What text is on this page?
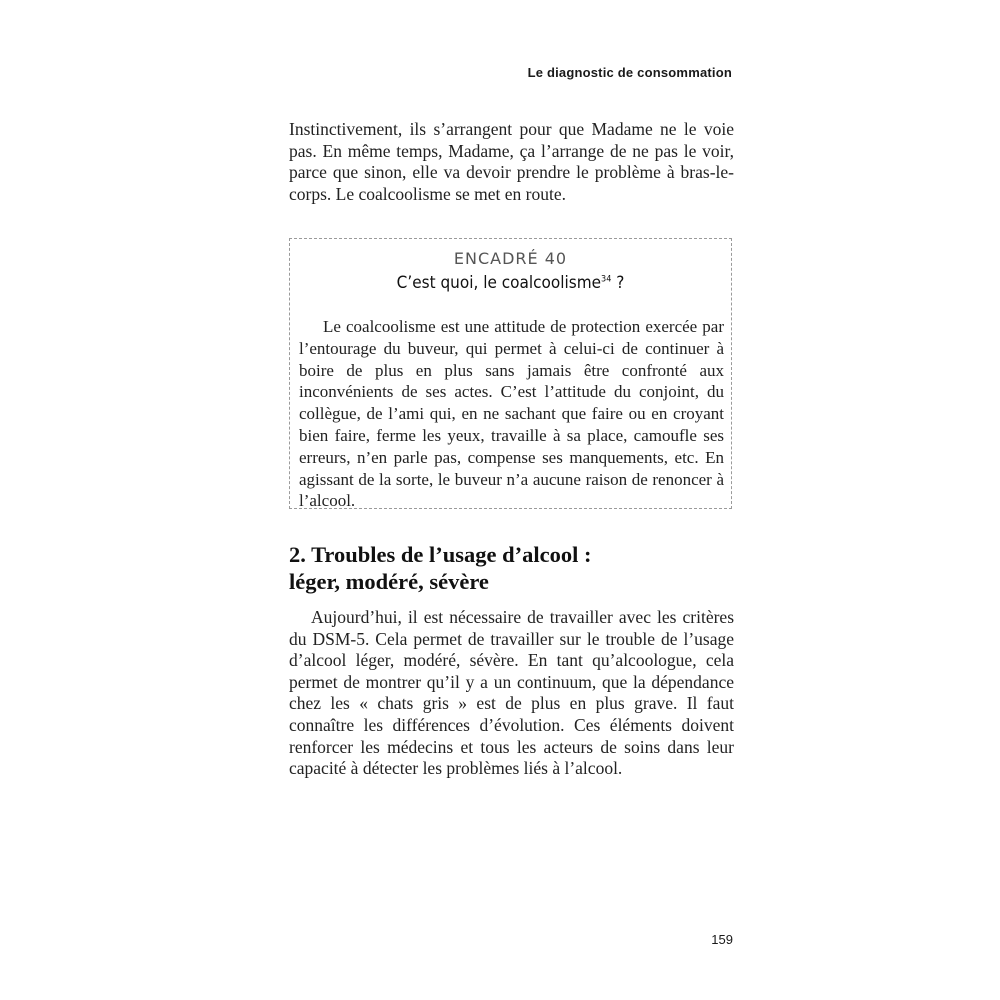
Le diagnostic de consommation

Instinctivement, ils s’arrangent pour que Madame ne le voie pas. En même temps, Madame, ça l’arrange de ne pas le voir, parce que sinon, elle va devoir prendre le problème à bras-le-corps. Le coalcoolisme se met en route.

ENCADRÉ 40
C’est quoi, le coalcoolisme$^{34}$ ?

Le coalcoolisme est une attitude de protection exercée par l’entourage du buveur, qui permet à celui-ci de continuer à boire de plus en plus sans jamais être confronté aux inconvénients de ses actes. C’est l’attitude du conjoint, du collègue, de l’ami qui, en ne sachant que faire ou en croyant bien faire, ferme les yeux, travaille à sa place, camoufle ses erreurs, n’en parle pas, compense ses manquements, etc. En agissant de la sorte, le buveur n’a aucune raison de renoncer à l’alcool.

2. Troubles de l’usage d’alcool :
léger, modéré, sévère

Aujourd’hui, il est nécessaire de travailler avec les critères du DSM-5. Cela permet de travailler sur le trouble de l’usage d’alcool léger, modéré, sévère. En tant qu’alcoologue, cela permet de montrer qu’il y a un continuum, que la dépendance chez les « chats gris » est de plus en plus grave. Il faut connaître les différences d’évolution. Ces éléments doivent renforcer les médecins et tous les acteurs de soins dans leur capacité à détecter les problèmes liés à l’alcool.

159
